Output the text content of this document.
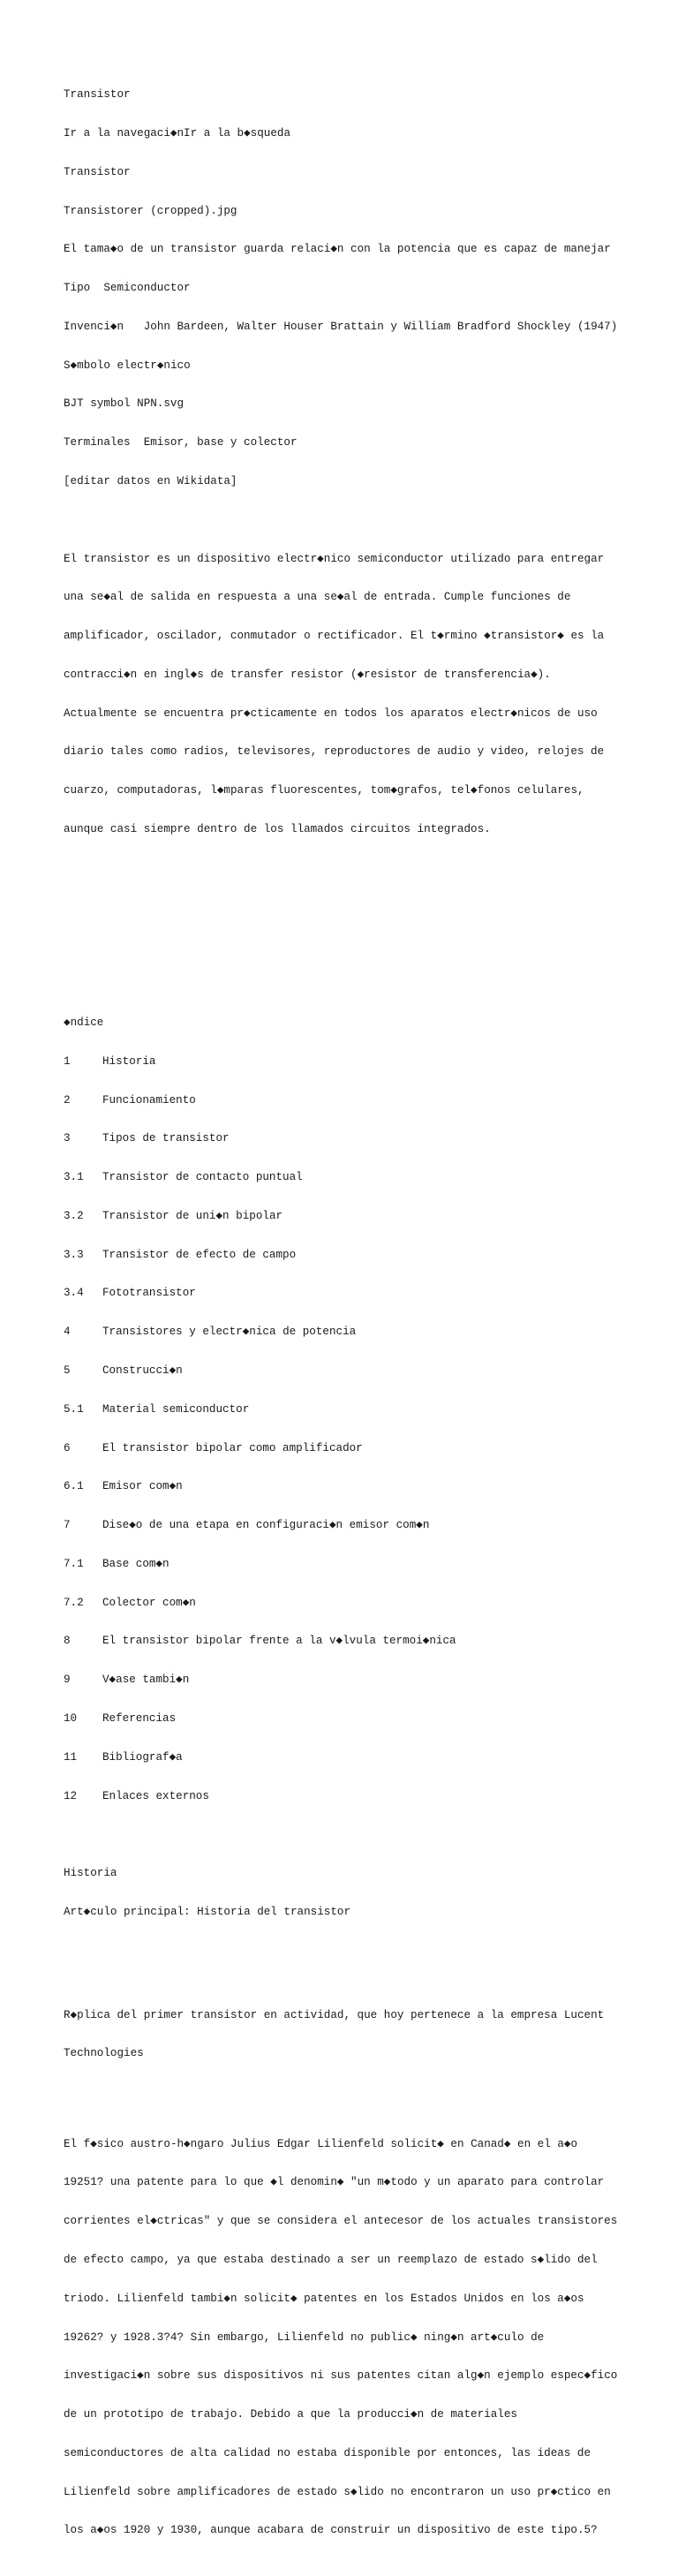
Transistor

Ir a la navegaci◆nIr a la b◆squeda

Transistor

Transistorer (cropped).jpg

El tama◆o de un transistor guarda relaci◆n con la potencia que es capaz de manejar

Tipo  Semiconductor

Invenci◆n   John Bardeen, Walter Houser Brattain y William Bradford Shockley (1947)

S◆mbolo electr◆nico

BJT symbol NPN.svg

Terminales  Emisor, base y colector

[editar datos en Wikidata]

El transistor es un dispositivo electr◆nico semiconductor utilizado para entregar

una se◆al de salida en respuesta a una se◆al de entrada. Cumple funciones de

amplificador, oscilador, conmutador o rectificador. El t◆rmino ◆transistor◆ es la

contracci◆n en ingl◆s de transfer resistor (◆resistor de transferencia◆).

Actualmente se encuentra pr◆cticamente en todos los aparatos electr◆nicos de uso

diario tales como radios, televisores, reproductores de audio y video, relojes de

cuarzo, computadoras, l◆mparas fluorescentes, tom◆grafos, tel◆fonos celulares,

aunque casi siempre dentro de los llamados circuitos integrados.

◆ndice

1	Historia

2	Funcionamiento

3	Tipos de transistor

3.1	Transistor de contacto puntual

3.2	Transistor de uni◆n bipolar

3.3	Transistor de efecto de campo

3.4	Fototransistor

4	Transistores y electr◆nica de potencia

5	Construcci◆n

5.1	Material semiconductor

6	El transistor bipolar como amplificador

6.1	Emisor com◆n

7	Dise◆o de una etapa en configuraci◆n emisor com◆n

7.1	Base com◆n

7.2	Colector com◆n

8	El transistor bipolar frente a la v◆lvula termoi◆nica

9	V◆ase tambi◆n

10	Referencias

11	Bibliograf◆a

12	Enlaces externos

Historia

Art◆culo principal: Historia del transistor

R◆plica del primer transistor en actividad, que hoy pertenece a la empresa Lucent

Technologies

El f◆sico austro-h◆ngaro Julius Edgar Lilienfeld solicit◆ en Canad◆ en el a◆o

19251? una patente para lo que ◆l denomin◆ "un m◆todo y un aparato para controlar

corrientes el◆ctricas" y que se considera el antecesor de los actuales transistores

de efecto campo, ya que estaba destinado a ser un reemplazo de estado s◆lido del

triodo. Lilienfeld tambi◆n solicit◆ patentes en los Estados Unidos en los a◆os

19262? y 1928.3?4? Sin embargo, Lilienfeld no public◆ ning◆n art◆culo de

investigaci◆n sobre sus dispositivos ni sus patentes citan alg◆n ejemplo espec◆fico

de un prototipo de trabajo. Debido a que la producci◆n de materiales

semiconductores de alta calidad no estaba disponible por entonces, las ideas de

Lilienfeld sobre amplificadores de estado s◆lido no encontraron un uso pr◆ctico en

los a◆os 1920 y 1930, aunque acabara de construir un dispositivo de este tipo.5?
